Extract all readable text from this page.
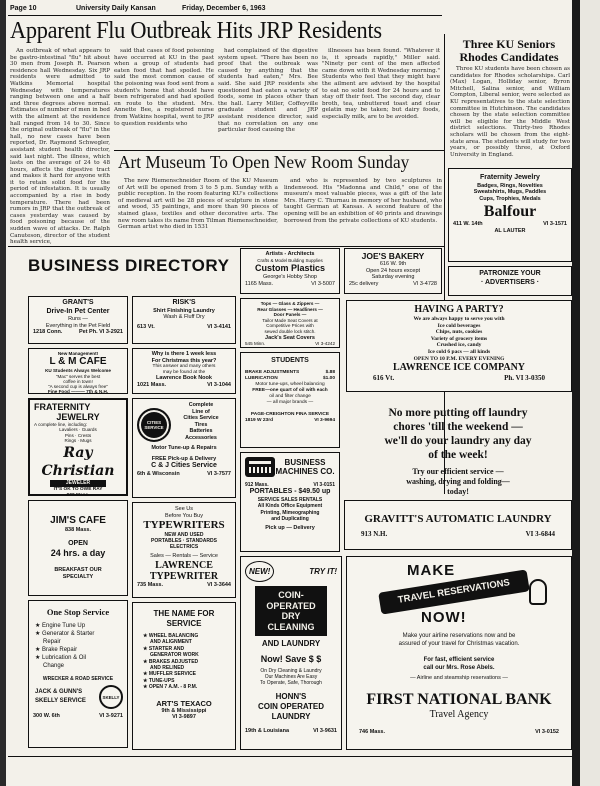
Page 10	University Daily Kansan	Friday, December 6, 1963
Apparent Flu Outbreak Hits JRP Residents

An outbreak of what appears to be gastro-intestinal "flu" hit about 30 men from Joseph R. Pearson residence hall Wednesday. Six JRP residents were admitted to Watkins Memorial hospital Wednesday with temperatures ranging between one and a half and three degrees above normal. Estimates of number of men in bed with the ailment at the residence hall ranged from 14 to 30. Since the original outbreak of "flu" in the hall, no new cases have been reported, Dr. Raymond Schwegler, assistant student health director, said last night. The illness, which lasts on the average of 24 to 48 hours, affects the digestive tract and makes it hard for anyone with it to retain solid food for the period of infestation. It is usually accompanied by a rise in body temperature. There had been rumors in JRP that the outbreak of cases yesterday was caused by food poisoning because of the sudden wave of attacks. Dr. Ralph Canuteson, director of the student health service,

said that cases of food poisoning have occurred at KU in the past when a group of students had eaten food that had spoiled. He said the most common cause of the poisoning was food sent from a student's home that should have been refrigerated and had spoiled en route to the student. Mrs. Annette Bee, a registered nurse from Watkins hospital, went to JRP to question residents who

had complained of the digestive system upset. "There has been no proof that the outbreak was caused by anything that the students had eaten," Mrs. Bee said. She said JRP residents she questioned had eaten a variety of foods, some in places other than the hall. Larry Miller, Coffeyville graduate student and JRP assistant residence director, said that no correlation on any one particular food causing the

illnesses has been found. "Whatever it is, it spreads rapidly," Miller said. "Ninety per cent of the men affected came down with it Wednesday morning." Students who feel that they might have the ailment are advised by the hospital to eat no solid food for 24 hours and to stay off their feet. The second day, clear broth, tea, unbuttered toast and clear gelatin may be taken; but dairy foods, especially milk, are to be avoided.

Art Museum To Open New Room Sunday

The new Riemenschneider Room of the KU Museum of Art will be opened from 3 to 5 p.m. Sunday with a public reception. In the room featuring KU's collections of medieval art will be 28 pieces of sculpture in stone and wood, 35 paintings, and more than 90 pieces of stained glass, textiles and other decorative arts. The new room takes its name from Tilman Riemenschneider, German artist who died in 1531

and who is represented by two sculptures in lindenwood. His "Madonna and Child," one of the museum's most valuable pieces, was a gift of the late Mrs. Harry C. Thurnau in memory of her husband, who taught German at Kansas. A second feature of the opening will be an exhibition of 40 prints and drawings borrowed from the private collections of KU students.

Three KU Seniors Rhodes Candidates

Three KU students have been chosen as candidates for Rhodes scholarships. Carl (Max) Logan, Holliday senior, Byron Mitchell, Salina senior, and William Compton, Liberal senior, were selected as KU representatives to the state selection committee in Hutchinson. The candidates chosen by the state selection committee will be eligible for the Middle West district selections. Thirty-two Rhodes scholars will be chosen from the eight-state area. The students will study for two years, or possibly three, at Oxford University in England.

Fraternity Jewelry
Badges, Rings, Novelties
Sweatshirts, Mugs, Paddles
Cups, Trophies, Medals
Balfour
411 W. 14th	VI 3-1571
AL LAUTER
PATRONIZE YOUR
· ADVERTISERS ·
BUSINESS DIRECTORY
Artists - Architects
Crafts & Model Building Supplies
Custom Plastics
George's Hobby Shop
1165 Mass.	VI 3-5007
JOE'S BAKERY
616 W. 9th
Open 24 hours except
Saturday evening
25c delivery	VI 3-4728
GRANT'S
Drive-In Pet Center
Runs —
Everything in the Pet Field
1218 Conn.	Pet Ph. VI 3-2921
RISK'S
Shirt Finishing Laundry
Wash & Fluff Dry
613 Vt.	VI 3-4141
Tops — Glass & Zippers —
Rear Glasses — Headliners —
Door Panels —
Tailor Made Seat Covers at
Competitive Prices with
sewed double lock stitch.
Jack's Seat Covers
545 Minn.	VI 3-4242
HAVING A PARTY?
We are always happy to serve you with
Ice cold beverages
Chips, nuts, cookies
Variety of grocery items
Crushed ice, candy
Ice cold 6 pacs — all kinds
OPEN TO 10 P.M. EVERY EVENING
LAWRENCE ICE COMPANY
616 Vt.	Ph. VI 3-0350
New Management!
L & M CAFE
KU Students Always Welcome
"Mac" serves the best
coffee in town!
"A second cup is always free"
Fine Food ——— 7th & N.H.
Why is there 1 week less
For Christmas this year?
This answer and many others
may be found at the
Lawrence Book Nook
1021 Mass.	VI 3-1044
STUDENTS
BRAKE ADJUSTMENTS	$.88
LUBRICATION	$1.00
Motor tune-ups, wheel balancing
FREE—one quart of oil with each
oil and filter change
— all major brands —
PAGE-CREIGHTON FINA SERVICE
1819 W 23rd	VI 3-9694
FRATERNITY
JEWELRY
A complete line, including:
Lavaliers · Guards
Pins · Crests
Rings · Mugs
Ray Christian
JEWELER
IT'S OK TO OWE RAY
900 Mass.
CITIES SERVICE
Complete
Line of
Cities Service
Tires
Batteries
Accessories
Motor Tune-up & Repairs
FREE Pick-up & Delivery
C & J Cities Service
6th & Wisconsin	VI 3-7577
No more putting off laundry
chores 'till the weekend —
we'll do your laundry any day
of the week!
Try our efficient service —
washing, drying and folding—
today!
BUSINESS
MACHINES CO.
912 Mass.	VI 3-0151
PORTABLES - $49.50 up
SERVICE SALES RENTALS
All Kinds Office Equipment
Printing, Mimeographing
and Duplicating
Pick up — Delivery
GRAVITT'S AUTOMATIC LAUNDRY
913 N.H.	VI 3-6844
JIM'S CAFE
838 Mass.
OPEN
24 hrs. a day
BREAKFAST OUR
SPECIALTY
See Us
Before You Buy
TYPEWRITERS
NEW AND USED
PORTABLES · STANDARDS
ELECTRICS
Sales — Rentals — Service
LAWRENCE
TYPEWRITER
735 Mass.	VI 3-3644
One Stop Service
★ Engine Tune Up
★ Generator & Starter
Repair
★ Brake Repair
★ Lubrication & Oil
Change
WRECKER & ROAD SERVICE
JACK & GUNN'S
SKELLY SERVICE
SKELLY
300 W. 6th	VI 3-9271
THE NAME FOR
SERVICE
★ WHEEL BALANCING
AND ALIGNMENT
★ STARTER AND
GENERATOR WORK
★ BRAKES ADJUSTED
AND RELINED
★ MUFFLER SERVICE
★ TUNE-UPS
★ OPEN 7 A.M. - 8 P.M.
ART'S TEXACO
9th & Mississippi
VI 3-9897
NEW!	TRY IT!
COIN-
OPERATED
DRY
CLEANING
AND LAUNDRY
Now! Save $ $
On Dry Cleaning & Laundry
Our Machines Are Easy
To Operate, Safe, Thorough
HONN'S
COIN OPERATED
LAUNDRY
19th & Louisiana	VI 3-9631
MAKE
TRAVEL RESERVATIONS
NOW!
Make your airline reservations now and be
assured of your travel for Christmas vacation.
For fast, efficient service
call our Mrs. Rose Abels.
— Airline and steamship reservations —
FIRST NATIONAL BANK
Travel Agency
746 Mass.	VI 3-0152
